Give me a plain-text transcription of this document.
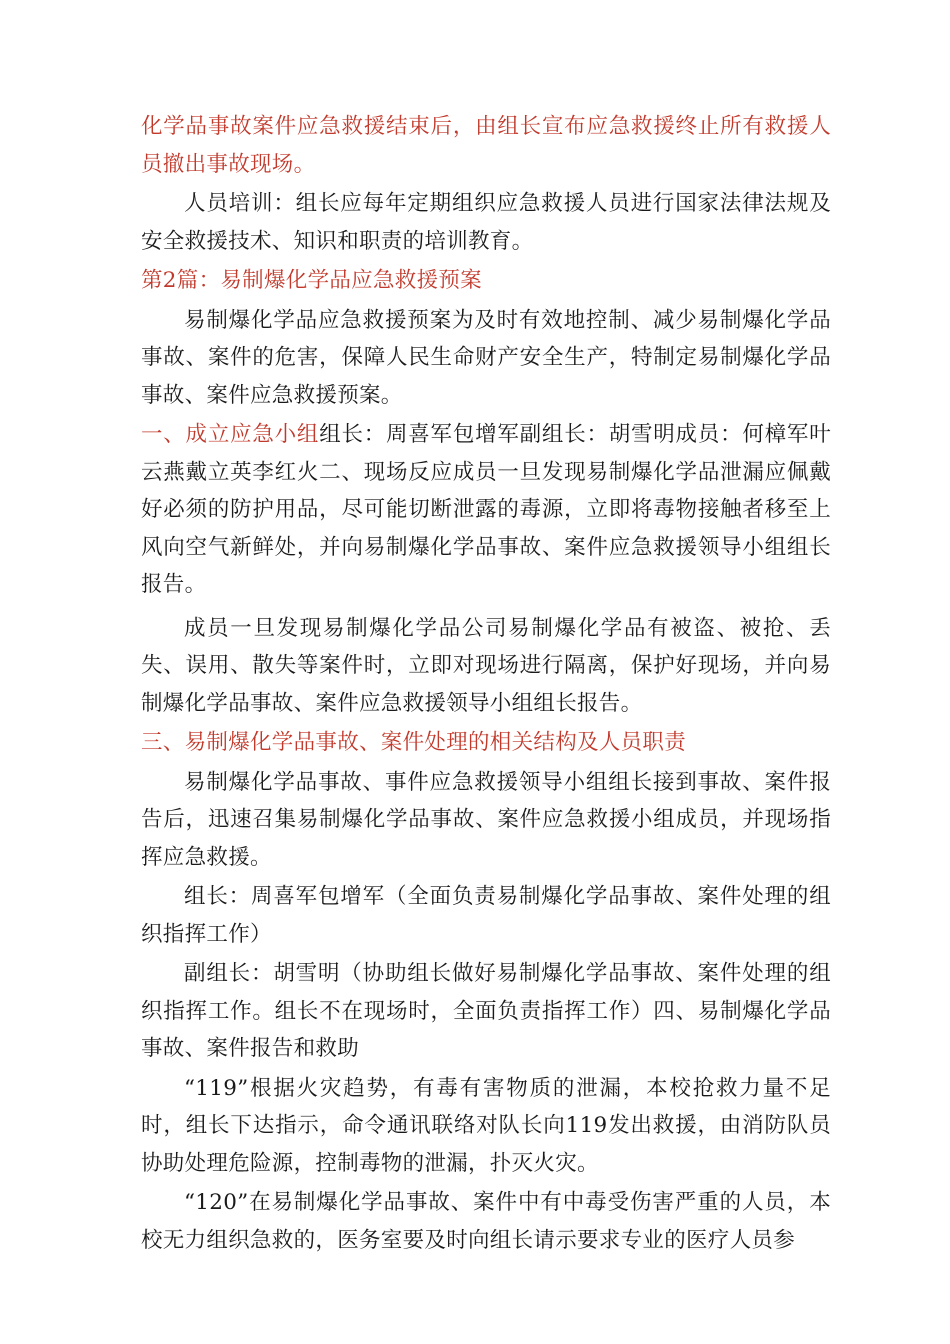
化学品事故案件应急救援结束后，由组长宣布应急救援终止所有救援人员撤出事故现场。

人员培训：组长应每年定期组织应急救援人员进行国家法律法规及安全救援技术、知识和职责的培训教育。

第2篇：易制爆化学品应急救援预案

易制爆化学品应急救援预案为及时有效地控制、减少易制爆化学品事故、案件的危害，保障人民生命财产安全生产，特制定易制爆化学品事故、案件应急救援预案。

一、成立应急小组组长：周喜军包增军副组长：胡雪明成员：何樟军叶云燕戴立英李红火二、现场反应成员一旦发现易制爆化学品泄漏应佩戴好必须的防护用品，尽可能切断泄露的毒源，立即将毒物接触者移至上风向空气新鲜处，并向易制爆化学品事故、案件应急救援领导小组组长报告。

成员一旦发现易制爆化学品公司易制爆化学品有被盗、被抢、丢失、误用、散失等案件时，立即对现场进行隔离，保护好现场，并向易制爆化学品事故、案件应急救援领导小组组长报告。

三、易制爆化学品事故、案件处理的相关结构及人员职责

易制爆化学品事故、事件应急救援领导小组组长接到事故、案件报告后，迅速召集易制爆化学品事故、案件应急救援小组成员，并现场指挥应急救援。

组长：周喜军包增军（全面负责易制爆化学品事故、案件处理的组织指挥工作）

副组长：胡雪明（协助组长做好易制爆化学品事故、案件处理的组织指挥工作。组长不在现场时，全面负责指挥工作）四、易制爆化学品事故、案件报告和救助

“119”根据火灾趋势，有毒有害物质的泄漏，本校抢救力量不足时，组长下达指示，命令通讯联络对队长向119发出救援，由消防队员协助处理危险源，控制毒物的泄漏，扑灭火灾。

“120”在易制爆化学品事故、案件中有中毒受伤害严重的人员，本校无力组织急救的，医务室要及时向组长请示要求专业的医疗人员参
